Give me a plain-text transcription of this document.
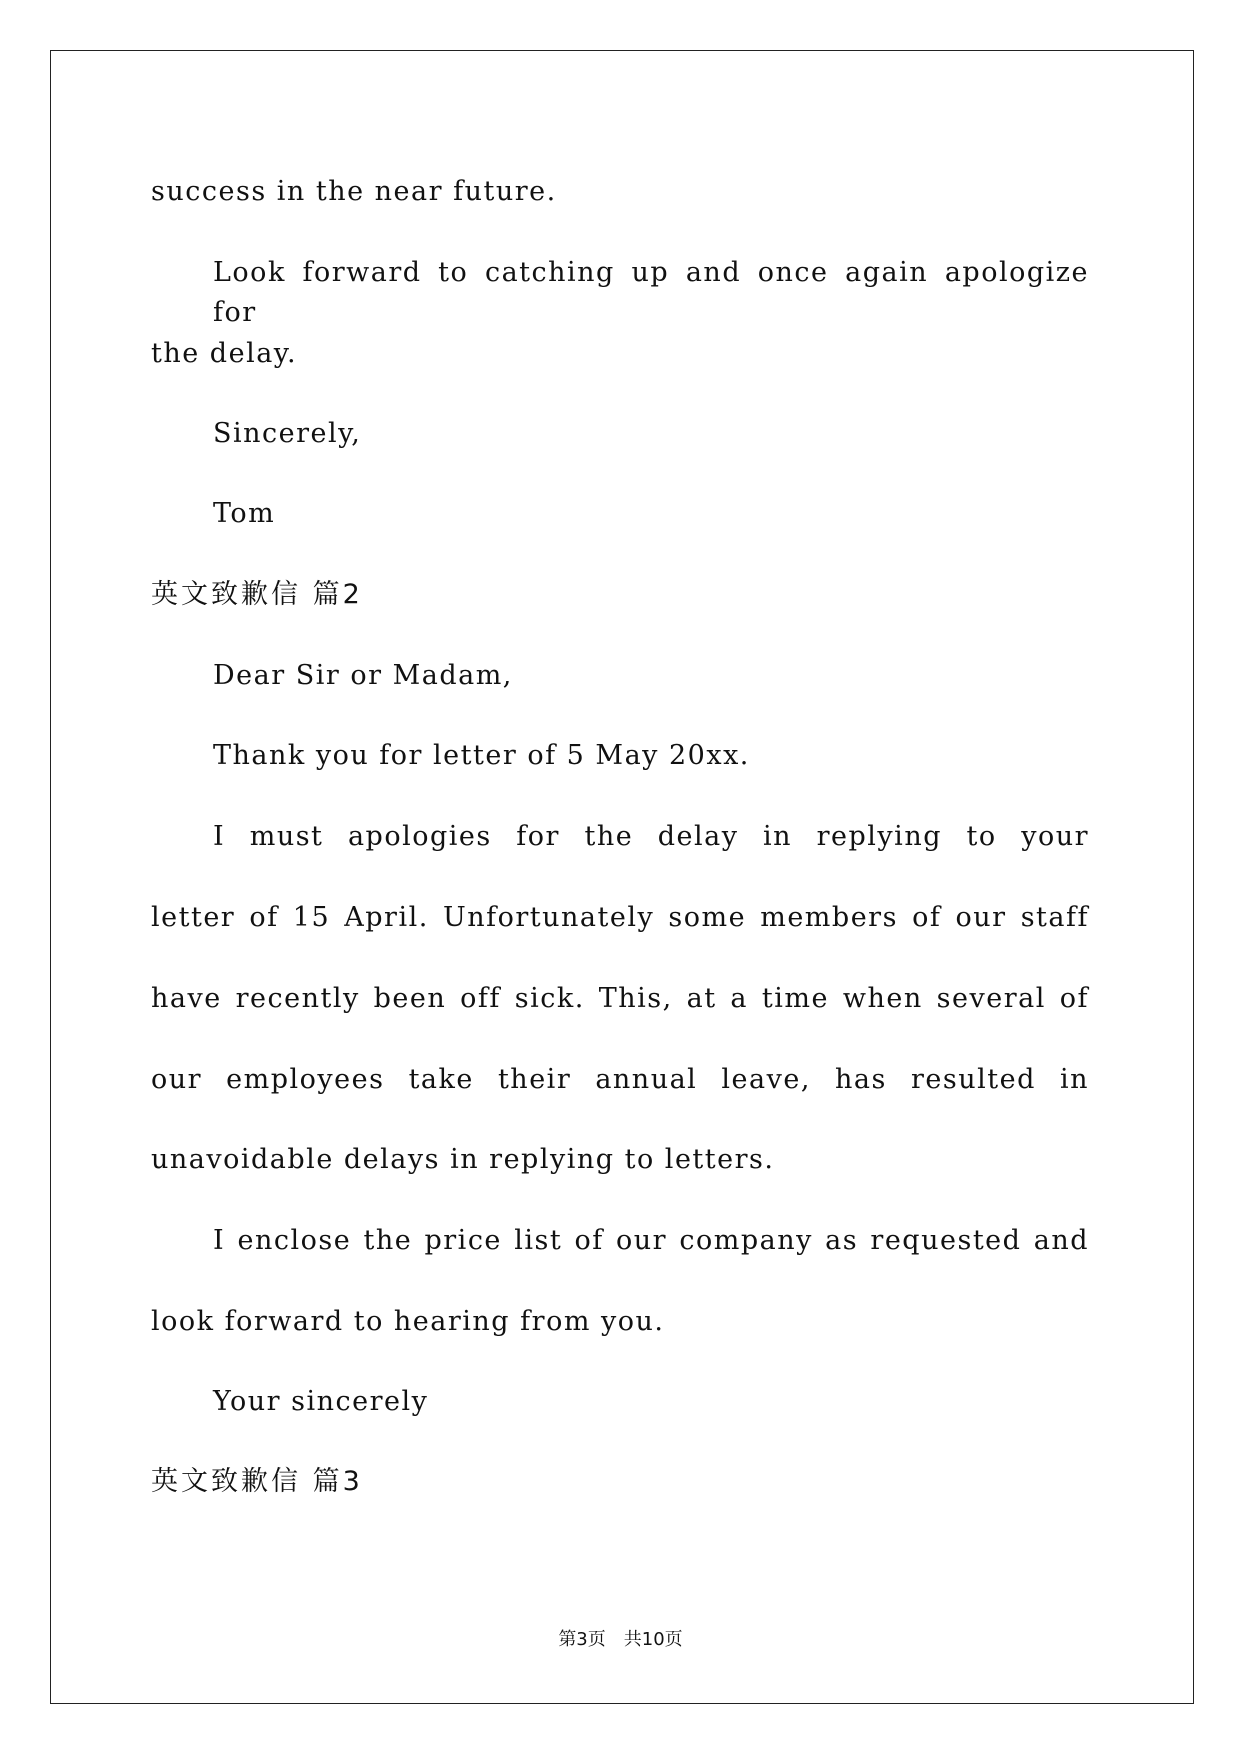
success in the near future.
Look forward to catching up and once again apologize for
the delay.
Sincerely,
Tom
英文致歉信 篇2
Dear Sir or Madam,
Thank you for letter of 5 May 20xx.
I must apologies for the delay in replying to your
letter of 15 April. Unfortunately some members of our staff
have recently been off sick. This, at a time when several of
our employees take their annual leave, has resulted in
unavoidable delays in replying to letters.
I enclose the price list of our company as requested and
look forward to hearing from you.
Your sincerely
英文致歉信 篇3
第3页 共10页
